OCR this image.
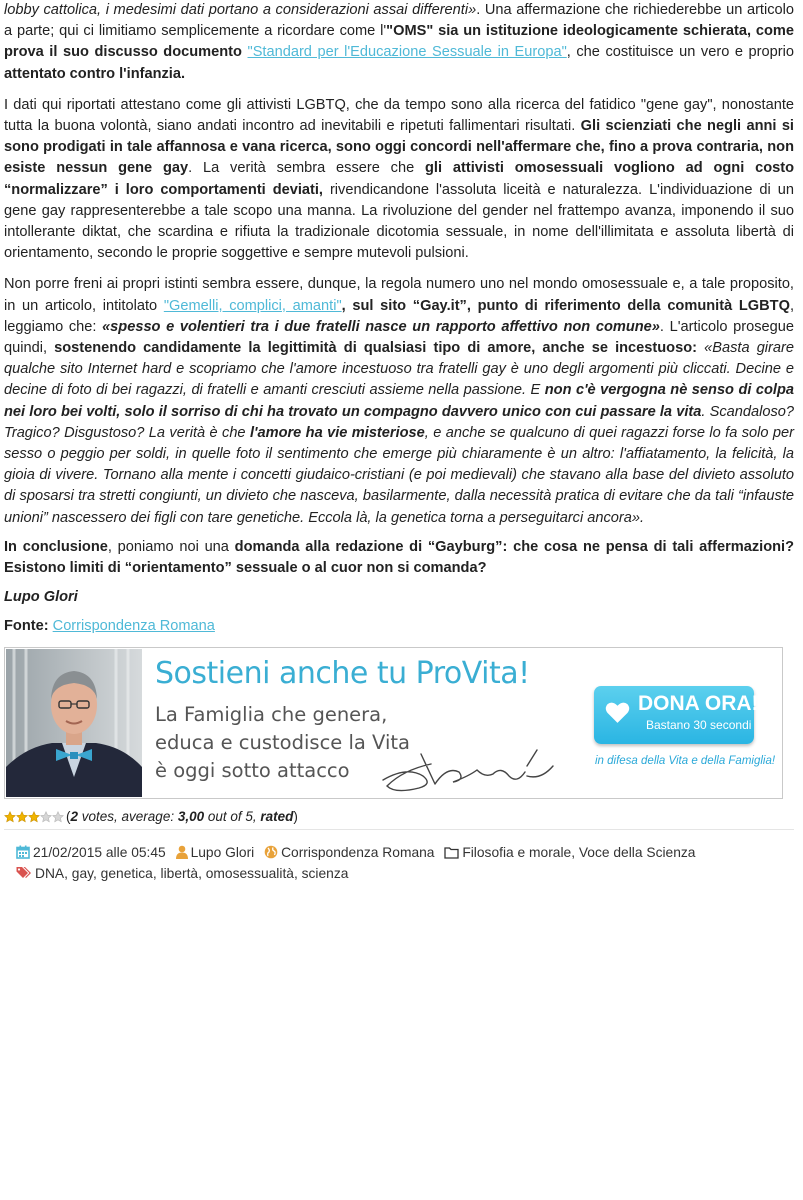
lobby cattolica, i medesimi dati portano a considerazioni assai differenti». Una affermazione che richiederebbe un articolo a parte; qui ci limitiamo semplicemente a ricordare come l'"OMS" sia un istituzione ideologicamente schierata, come prova il suo discusso documento "Standard per l'Educazione Sessuale in Europa", che costituisce un vero e proprio attentato contro l'infanzia.

I dati qui riportati attestano come gli attivisti LGBTQ, che da tempo sono alla ricerca del fatidico "gene gay", nonostante tutta la buona volontà, siano andati incontro ad inevitabili e ripetuti fallimentari risultati. Gli scienziati che negli anni si sono prodigati in tale affannosa e vana ricerca, sono oggi concordi nell'affermare che, fino a prova contraria, non esiste nessun gene gay. La verità sembra essere che gli attivisti omosessuali vogliono ad ogni costo “normalizzare” i loro comportamenti deviati, rivendicandone l'assoluta liceità e naturalezza. L'individuazione di un gene gay rappresenterebbe a tale scopo una manna. La rivoluzione del gender nel frattempo avanza, imponendo il suo intollerante diktat, che scardina e rifiuta la tradizionale dicotomia sessuale, in nome dell'illimitata e assoluta libertà di orientamento, secondo le proprie soggettive e sempre mutevoli pulsioni.

Non porre freni ai propri istinti sembra essere, dunque, la regola numero uno nel mondo omosessuale e, a tale proposito, in un articolo, intitolato "Gemelli, complici, amanti", sul sito “Gay.it”, punto di riferimento della comunità LGBTQ, leggiamo che: «spesso e volentieri tra i due fratelli nasce un rapporto affettivo non comune». L'articolo prosegue quindi, sostenendo candidamente la legittimità di qualsiasi tipo di amore, anche se incestuoso: «Basta girare qualche sito Internet hard e scopriamo che l'amore incestuoso tra fratelli gay è uno degli argomenti più cliccati. Decine e decine di foto di bei ragazzi, di fratelli e amanti cresciuti assieme nella passione. E non c'è vergogna nè senso di colpa nei loro bei volti, solo il sorriso di chi ha trovato un compagno davvero unico con cui passare la vita. Scandaloso? Tragico? Disgustoso? La verità è che l'amore ha vie misteriose, e anche se qualcuno di quei ragazzi forse lo fa solo per sesso o peggio per soldi, in quelle foto il sentimento che emerge più chiaramente è un altro: l'affiatamento, la felicità, la gioia di vivere. Tornano alla mente i concetti giudaico-cristiani (e poi medievali) che stavano alla base del divieto assoluto di sposarsi tra stretti congiunti, un divieto che nasceva, basilarmente, dalla necessità pratica di evitare che da tali “infauste unioni” nascessero dei figli con tare genetiche. Eccola là, la genetica torna a perseguitarci ancora».

In conclusione, poniamo noi una domanda alla redazione di “Gayburg”: che cosa ne pensa di tali affermazioni? Esistono limiti di “orientamento” sessuale o al cuor non si comanda?

Lupo Glori

Fonte: Corrispondenza Romana

Sostieni anche tu ProVita!
La Famiglia che genera,
educa e custodisce la Vita
è oggi sotto attacco
DONA ORA!
Bastano 30 secondi
in difesa della Vita e della Famiglia!
(2 votes, average: 3,00 out of 5, rated)
21/02/2015 alle 05:45 Lupo Glori Corrispondenza Romana Filosofia e morale, Voce della Scienza
DNA, gay, genetica, libertà, omosessualità, scienza
